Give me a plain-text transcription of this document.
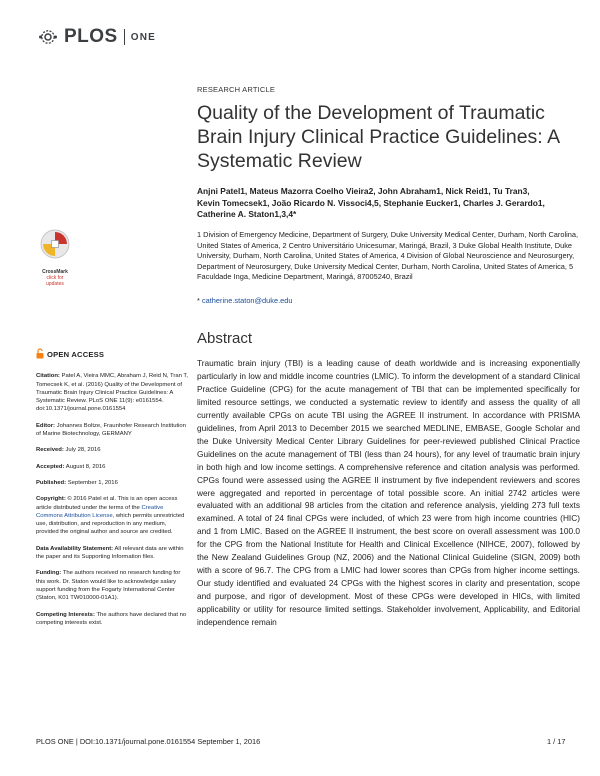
PLOS ONE
RESEARCH ARTICLE
Quality of the Development of Traumatic Brain Injury Clinical Practice Guidelines: A Systematic Review
Anjni Patel1, Mateus Mazorra Coelho Vieira2, John Abraham1, Nick Reid1, Tu Tran3,
Kevin Tomecsek1, João Ricardo N. Vissoci4,5, Stephanie Eucker1, Charles J. Gerardo1,
Catherine A. Staton1,3,4*
1 Division of Emergency Medicine, Department of Surgery, Duke University Medical Center, Durham, North Carolina, United States of America, 2 Centro Universitário Unicesumar, Maringá, Brazil, 3 Duke Global Health Institute, Duke University, Durham, North Carolina, United States of America, 4 Division of Global Neuroscience and Neurosurgery, Department of Neurosurgery, Duke University Medical Center, Durham, North Carolina, United States of America, 5 Faculdade Inga, Medicine Department, Maringá, 87005240, Brazil
* catherine.staton@duke.edu
CrossMark
click for updates
OPEN ACCESS

Citation: Patel A, Vieira MMC, Abraham J, Reid N, Tran T, Tomecsek K, et al. (2016) Quality of the Development of Traumatic Brain Injury Clinical Practice Guidelines: A Systematic Review. PLoS ONE 11(9): e0161554. doi:10.1371/journal.pone.0161554

Editor: Johannes Boltze, Fraunhofer Research Institution of Marine Biotechnology, GERMANY

Received: July 28, 2016

Accepted: August 8, 2016

Published: September 1, 2016

Copyright: © 2016 Patel et al. This is an open access article distributed under the terms of the Creative Commons Attribution License, which permits unrestricted use, distribution, and reproduction in any medium, provided the original author and source are credited.

Data Availability Statement: All relevant data are within the paper and its Supporting Information files.

Funding: The authors received no research funding for this work. Dr. Staton would like to acknowledge salary support funding from the Fogarty International Center (Staton, K01 TW010000-01A1).

Competing Interests: The authors have declared that no competing interests exist.

Abstract
Traumatic brain injury (TBI) is a leading cause of death worldwide and is increasing exponentially particularly in low and middle income countries (LMIC). To inform the development of a standard Clinical Practice Guideline (CPG) for the acute management of TBI that can be implemented specifically for limited resource settings, we conducted a systematic review to identify and assess the quality of all currently available CPGs on acute TBI using the AGREE II instrument. In accordance with PRISMA guidelines, from April 2013 to December 2015 we searched MEDLINE, EMBASE, Google Scholar and the Duke University Medical Center Library Guidelines for peer-reviewed published Clinical Practice Guidelines on the acute management of TBI (less than 24 hours), for any level of traumatic brain injury in both high and low income settings. A comprehensive reference and citation analysis was performed. CPGs found were assessed using the AGREE II instrument by five independent reviewers and scores were aggregated and reported in percentage of total possible score. An initial 2742 articles were evaluated with an additional 98 articles from the citation and reference analysis, yielding 273 full texts examined. A total of 24 final CPGs were included, of which 23 were from high income countries (HIC) and 1 from LMIC. Based on the AGREE II instrument, the best score on overall assessment was 100.0 for the CPG from the National Institute for Health and Clinical Excellence (NIHCE, 2007), followed by the New Zealand Guidelines Group (NZ, 2006) and the National Clinical Guideline (SIGN, 2009) both with a score of 96.7. The CPG from a LMIC had lower scores than CPGs from higher income settings. Our study identified and evaluated 24 CPGs with the highest scores in clarity and presentation, scope and purpose, and rigor of development. Most of these CPGs were developed in HICs, with limited applicability or utility for resource limited settings. Stakeholder involvement, Applicability, and Editorial independence remain
PLOS ONE | DOI:10.1371/journal.pone.0161554 September 1, 2016	1 / 17
